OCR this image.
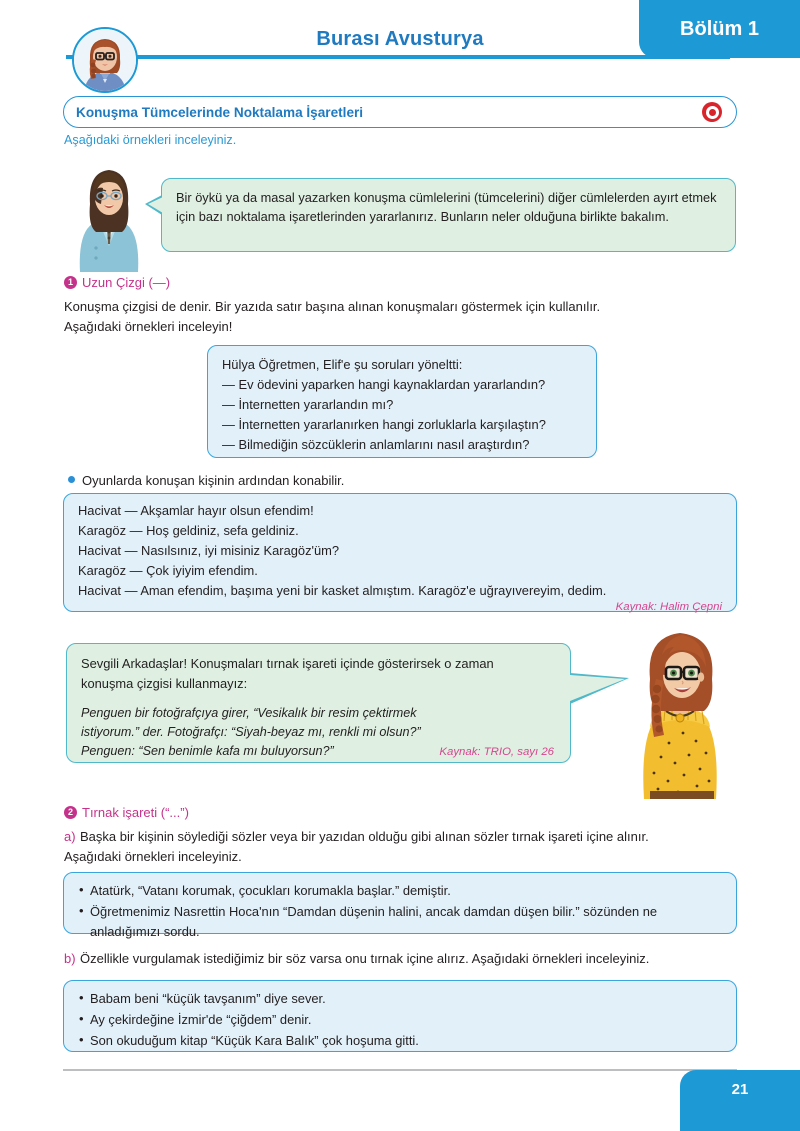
Burası Avusturya	Bölüm 1
Konuşma Tümcelerinde Noktalama İşaretleri
Aşağıdaki örnekleri inceleyiniz.
Bir öykü ya da masal yazarken konuşma cümlelerini (tümcelerini) diğer cümlelerden ayırt etmek için bazı noktalama işaretlerinden yararlanırız. Bunların neler olduğuna birlikte bakalım.
1 Uzun Çizgi (—)
Konuşma çizgisi de denir. Bir yazıda satır başına alınan konuşmaları göstermek için kullanılır.
Aşağıdaki örnekleri inceleyin!
Hülya Öğretmen, Elif'e şu soruları yöneltti:
— Ev ödevini yaparken hangi kaynaklardan yararlandın?
— İnternetten yararlandın mı?
— İnternetten yararlanırken hangi zorluklarla karşılaştın?
— Bilmediğin sözcüklerin anlamlarını nasıl araştırdın?
Oyunlarda konuşan kişinin ardından konabilir.
Hacivat — Akşamlar hayır olsun efendim!
Karagöz — Hoş geldiniz, sefa geldiniz.
Hacivat — Nasılsınız, iyi misiniz Karagöz'üm?
Karagöz — Çok iyiyim efendim.
Hacivat — Aman efendim, başıma yeni bir kasket almıştım. Karagöz'e uğrayıvereyim, dedim.
Kaynak: Halim Çepni
Sevgili Arkadaşlar! Konuşmaları tırnak işareti içinde gösterirsek o zaman
konuşma çizgisi kullanmayız:
Penguen bir fotoğrafçıya girer, “Vesikalık bir resim çektirmek
istiyorum.” der. Fotoğrafçı: “Siyah-beyaz mı, renkli mi olsun?”
Penguen: “Sen benimle kafa mı buluyorsun?”	Kaynak: TRIO, sayı 26
2 Tırnak işareti (“...”)
a) Başka bir kişinin söylediği sözler veya bir yazıdan olduğu gibi alınan sözler tırnak işareti içine alınır.
Aşağıdaki örnekleri inceleyiniz.
• Atatürk, “Vatanı korumak, çocukları korumakla başlar.” demiştir.
• Öğretmenimiz Nasrettin Hoca'nın “Damdan düşenin halini, ancak damdan düşen bilir.” sözünden ne anladığımızı sordu.
b) Özellikle vurgulamak istediğimiz bir söz varsa onu tırnak içine alırız. Aşağıdaki örnekleri inceleyiniz.
• Babam beni “küçük tavşanım” diye sever.
• Ay çekirdeğine İzmir'de “çiğdem” denir.
• Son okuduğum kitap “Küçük Kara Balık” çok hoşuma gitti.
21
